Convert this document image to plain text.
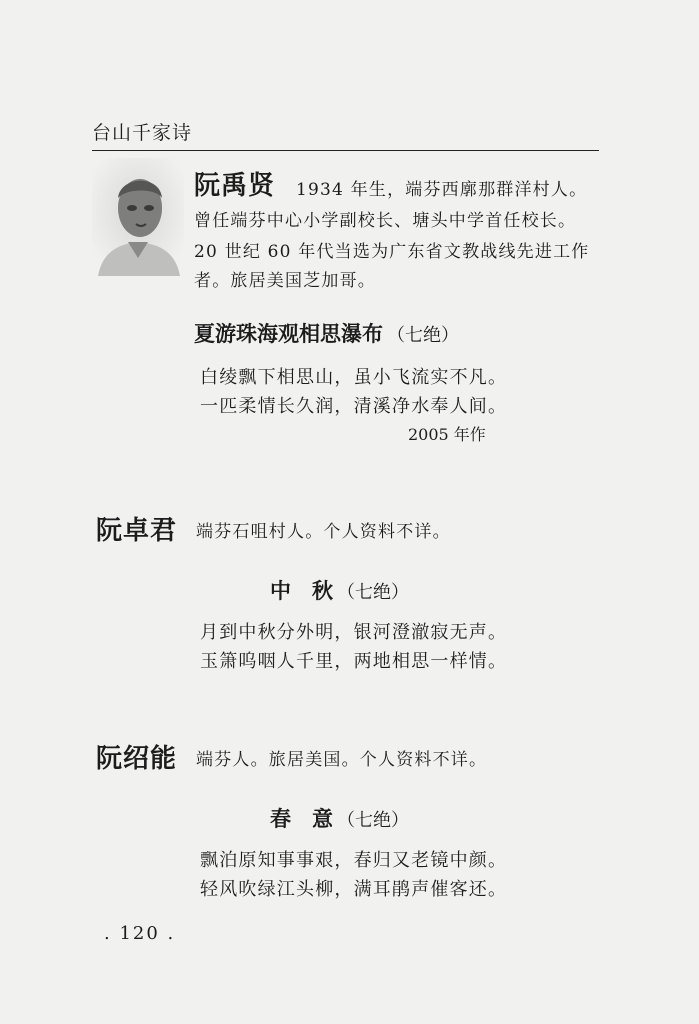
台山千家诗
阮禹贤 1934 年生，端芬西廓那群洋村人。
曾任端芬中心小学副校长、塘头中学首任校长。
20 世纪 60 年代当选为广东省文教战线先进工作
者。旅居美国芝加哥。
夏游珠海观相思瀑布 （七绝）
白绫飘下相思山，虽小飞流实不凡。
一匹柔情长久润，清溪净水奉人间。
2005 年作
阮卓君 端芬石咀村人。个人资料不详。
中　秋 （七绝）
月到中秋分外明，银河澄澈寂无声。
玉箫呜咽人千里，两地相思一样情。
阮绍能 端芬人。旅居美国。个人资料不详。
春　意 （七绝）
飘泊原知事事艰，春归又老镜中颜。
轻风吹绿江头柳，满耳鹃声催客还。
. 120 .
